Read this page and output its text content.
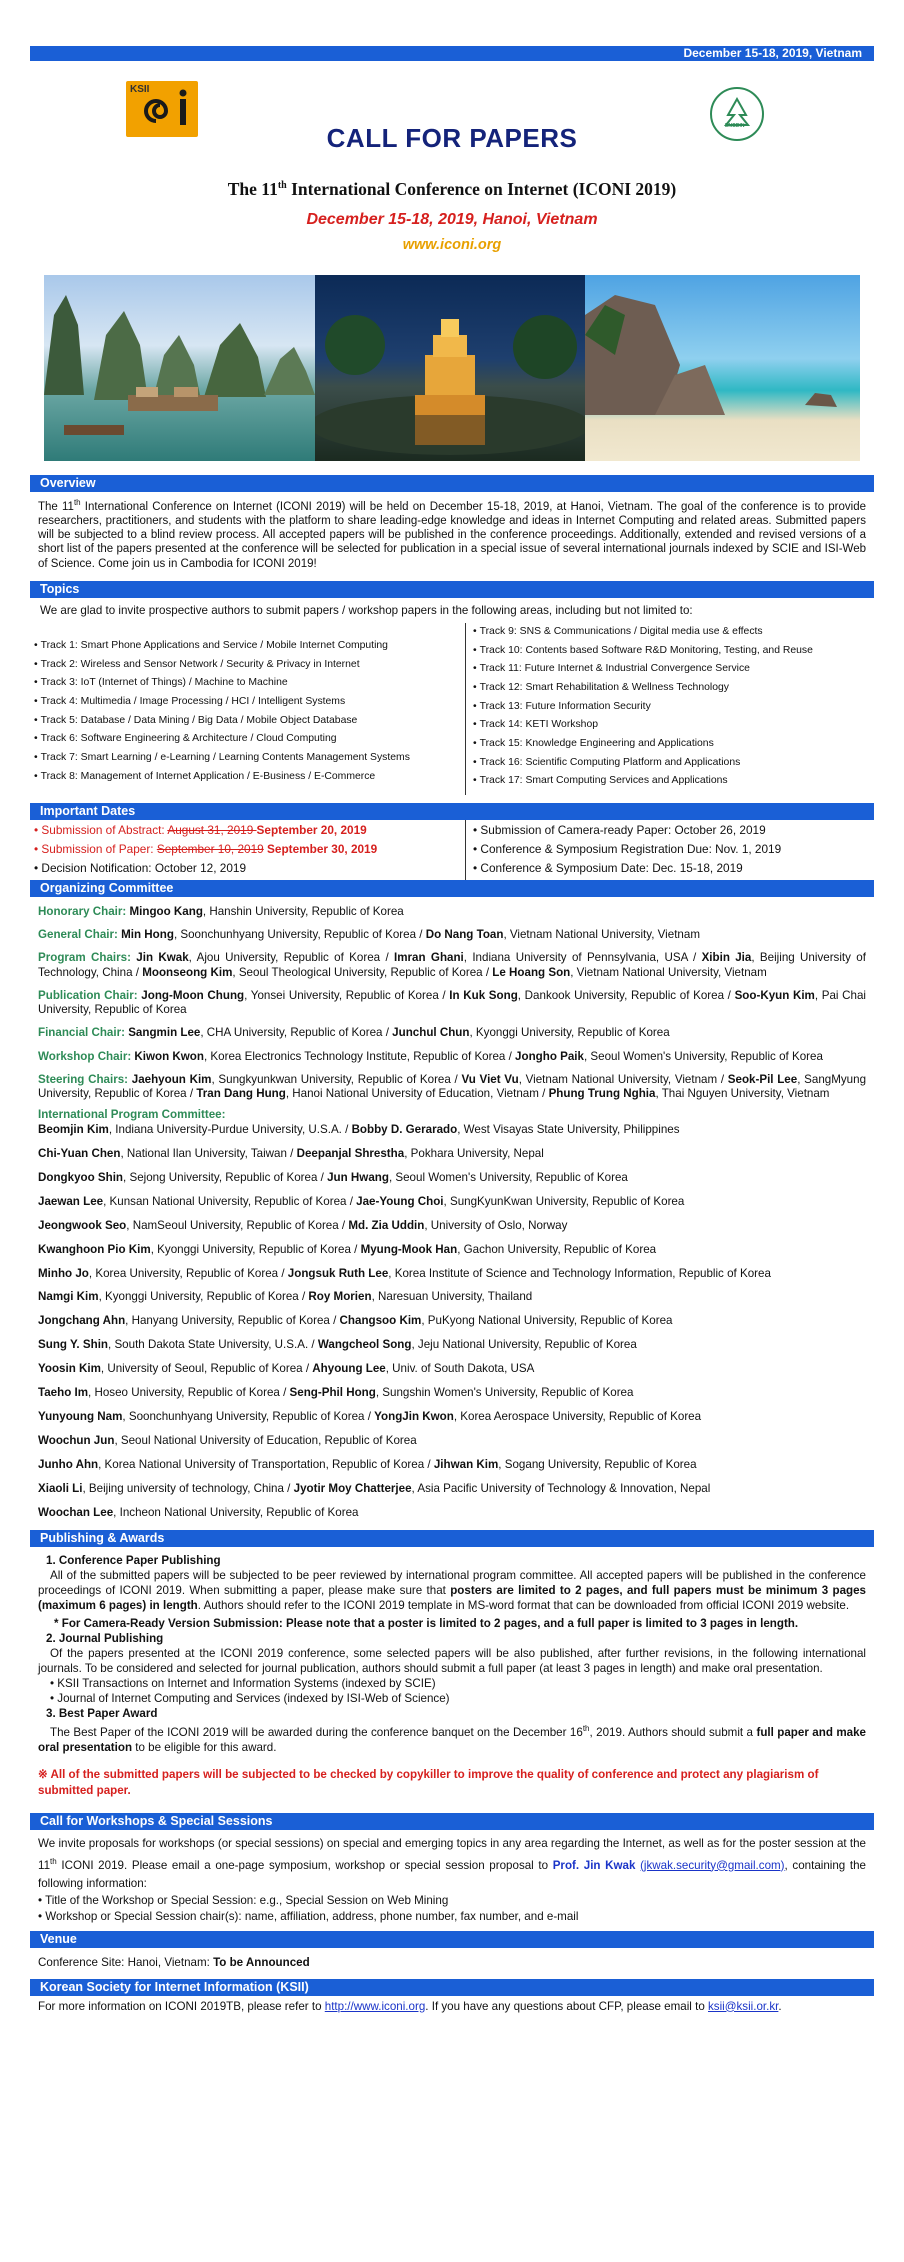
December 15-18, 2019, Vietnam
KSII
ENGDIN
CALL FOR PAPERS
The 11th International Conference on Internet (ICONI 2019)
December 15-18, 2019, Hanoi, Vietnam
www.iconi.org
Overview
The 11th International Conference on Internet (ICONI 2019) will be held on December 15-18, 2019, at Hanoi, Vietnam. The goal of the conference is to provide researchers, practitioners, and students with the platform to share leading-edge knowledge and ideas in Internet Computing and related areas. Submitted papers will be subjected to a blind review process. All accepted papers will be published in the conference proceedings. Additionally, extended and revised versions of a short list of the papers presented at the conference will be selected for publication in a special issue of several international journals indexed by SCIE and ISI-Web of Science. Come join us in Cambodia for ICONI 2019!
Topics
We are glad to invite prospective authors to submit papers / workshop papers in the following areas, including but not limited to:
• Track 1: Smart Phone Applications and Service / Mobile Internet Computing
• Track 2: Wireless and Sensor Network / Security & Privacy in Internet
• Track 3: IoT (Internet of Things) / Machine to Machine
• Track 4: Multimedia / Image Processing / HCI / Intelligent Systems
• Track 5: Database / Data Mining / Big Data / Mobile Object Database
• Track 6: Software Engineering & Architecture / Cloud Computing
• Track 7: Smart Learning / e-Learning / Learning Contents Management Systems
• Track 8: Management of Internet Application / E-Business / E-Commerce
• Track 9: SNS & Communications / Digital media use & effects
• Track 10: Contents based Software R&D Monitoring, Testing, and Reuse
• Track 11: Future Internet & Industrial Convergence Service
• Track 12: Smart Rehabilitation & Wellness Technology
• Track 13: Future Information Security
• Track 14: KETI Workshop
• Track 15: Knowledge Engineering and Applications
• Track 16: Scientific Computing Platform and Applications
• Track 17: Smart Computing Services and Applications
Important Dates
• Submission of Abstract: August 31, 2019 September 20, 2019
• Submission of Paper: September 10, 2019 September 30, 2019
• Decision Notification: October 12, 2019
• Submission of Camera-ready Paper: October 26, 2019
• Conference & Symposium Registration Due: Nov. 1, 2019
• Conference & Symposium Date: Dec. 15-18, 2019
Organizing Committee
Honorary Chair: Mingoo Kang, Hanshin University, Republic of Korea
General Chair: Min Hong, Soonchunhyang University, Republic of Korea / Do Nang Toan, Vietnam National University, Vietnam
Program Chairs: Jin Kwak, Ajou University, Republic of Korea / Imran Ghani, Indiana University of Pennsylvania, USA / Xibin Jia, Beijing University of Technology, China / Moonseong Kim, Seoul Theological University, Republic of Korea / Le Hoang Son, Vietnam National University, Vietnam
Publication Chair: Jong-Moon Chung, Yonsei University, Republic of Korea / In Kuk Song, Dankook University, Republic of Korea / Soo-Kyun Kim, Pai Chai University, Republic of Korea
Financial Chair: Sangmin Lee, CHA University, Republic of Korea / Junchul Chun, Kyonggi University, Republic of Korea
Workshop Chair: Kiwon Kwon, Korea Electronics Technology Institute, Republic of Korea / Jongho Paik, Seoul Women's University, Republic of Korea
Steering Chairs: Jaehyoun Kim, Sungkyunkwan University, Republic of Korea / Vu Viet Vu, Vietnam National University, Vietnam / Seok-Pil Lee, SangMyung University, Republic of Korea / Tran Dang Hung, Hanoi National University of Education, Vietnam / Phung Trung Nghia, Thai Nguyen University, Vietnam
International Program Committee:
Beomjin Kim, Indiana University-Purdue University, U.S.A. / Bobby D. Gerarado, West Visayas State University, Philippines
Chi-Yuan Chen, National Ilan University, Taiwan / Deepanjal Shrestha, Pokhara University, Nepal
Dongkyoo Shin, Sejong University, Republic of Korea / Jun Hwang, Seoul Women's University, Republic of Korea
Jaewan Lee, Kunsan National University, Republic of Korea / Jae-Young Choi, SungKyunKwan University, Republic of Korea
Jeongwook Seo, NamSeoul University, Republic of Korea / Md. Zia Uddin, University of Oslo, Norway
Kwanghoon Pio Kim, Kyonggi University, Republic of Korea / Myung-Mook Han, Gachon University, Republic of Korea
Minho Jo, Korea University, Republic of Korea / Jongsuk Ruth Lee, Korea Institute of Science and Technology Information, Republic of Korea
Namgi Kim, Kyonggi University, Republic of Korea / Roy Morien, Naresuan University, Thailand
Jongchang Ahn, Hanyang University, Republic of Korea / Changsoo Kim, PuKyong National University, Republic of Korea
Sung Y. Shin, South Dakota State University, U.S.A. / Wangcheol Song, Jeju National University, Republic of Korea
Yoosin Kim, University of Seoul, Republic of Korea / Ahyoung Lee, Univ. of South Dakota, USA
Taeho Im, Hoseo University, Republic of Korea / Seng-Phil Hong, Sungshin Women's University, Republic of Korea
Yunyoung Nam, Soonchunhyang University, Republic of Korea / YongJin Kwon, Korea Aerospace University, Republic of Korea
Woochun Jun, Seoul National University of Education, Republic of Korea
Junho Ahn, Korea National University of Transportation, Republic of Korea / Jihwan Kim, Sogang University, Republic of Korea
Xiaoli Li, Beijing university of technology, China / Jyotir Moy Chatterjee, Asia Pacific University of Technology & Innovation, Nepal
Woochan Lee, Incheon National University, Republic of Korea
Publishing & Awards
1. Conference Paper Publishing
All of the submitted papers will be subjected to be peer reviewed by international program committee. All accepted papers will be published in the conference proceedings of ICONI 2019. When submitting a paper, please make sure that posters are limited to 2 pages, and full papers must be minimum 3 pages (maximum 6 pages) in length. Authors should refer to the ICONI 2019 template in MS-word format that can be downloaded from official ICONI 2019 website.
* For Camera-Ready Version Submission: Please note that a poster is limited to 2 pages, and a full paper is limited to 3 pages in length.
2. Journal Publishing
Of the papers presented at the ICONI 2019 conference, some selected papers will be also published, after further revisions, in the following international journals. To be considered and selected for journal publication, authors should submit a full paper (at least 3 pages in length) and make oral presentation.
• KSII Transactions on Internet and Information Systems (indexed by SCIE)
• Journal of Internet Computing and Services (indexed by ISI-Web of Science)
3. Best Paper Award
The Best Paper of the ICONI 2019 will be awarded during the conference banquet on the December 16th, 2019. Authors should submit a full paper and make oral presentation to be eligible for this award.
※ All of the submitted papers will be subjected to be checked by copykiller to improve the quality of conference and protect any plagiarism of submitted paper.
Call for Workshops & Special Sessions
We invite proposals for workshops (or special sessions) on special and emerging topics in any area regarding the Internet, as well as for the poster session at the 11th ICONI 2019. Please email a one-page symposium, workshop or special session proposal to Prof. Jin Kwak (jkwak.security@gmail.com), containing the following information:
• Title of the Workshop or Special Session: e.g., Special Session on Web Mining
• Workshop or Special Session chair(s): name, affiliation, address, phone number, fax number, and e-mail
Venue
Conference Site: Hanoi, Vietnam: To be Announced
Korean Society for Internet Information (KSII)
For more information on ICONI 2019TB, please refer to http://www.iconi.org. If you have any questions about CFP, please email to ksii@ksii.or.kr.
